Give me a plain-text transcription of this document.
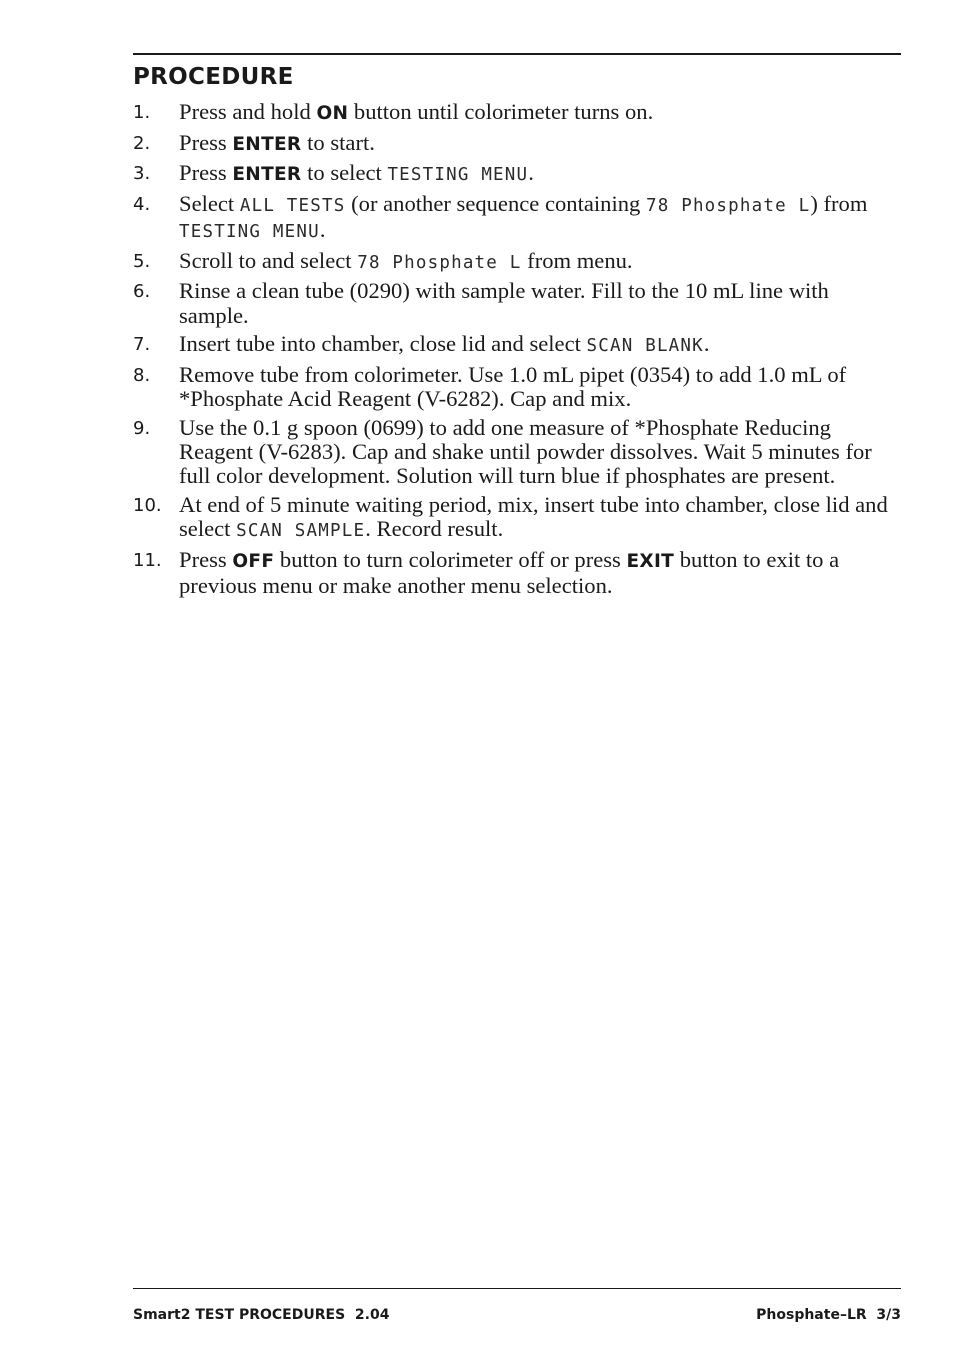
PROCEDURE
1.	Press and hold ON button until colorimeter turns on.
2.	Press ENTER to start.
3.	Press ENTER to select TESTING MENU.
4.	Select ALL TESTS (or another sequence containing 78 Phosphate L) from TESTING MENU.
5.	Scroll to and select 78 Phosphate L from menu.
6.	Rinse a clean tube (0290) with sample water. Fill to the 10 mL line with sample.
7.	Insert tube into chamber, close lid and select SCAN BLANK.
8.	Remove tube from colorimeter. Use 1.0 mL pipet (0354) to add 1.0 mL of *Phosphate Acid Reagent (V-6282). Cap and mix.
9.	Use the 0.1 g spoon (0699) to add one measure of *Phosphate Reducing Reagent (V-6283). Cap and shake until powder dissolves. Wait 5 minutes for full color development. Solution will turn blue if phosphates are present.
10. At end of 5 minute waiting period, mix, insert tube into chamber, close lid and select SCAN SAMPLE. Record result.
11. Press OFF button to turn colorimeter off or press EXIT button to exit to a previous menu or make another menu selection.
Smart2 TEST PROCEDURES  2.04	Phosphate–LR  3/3
